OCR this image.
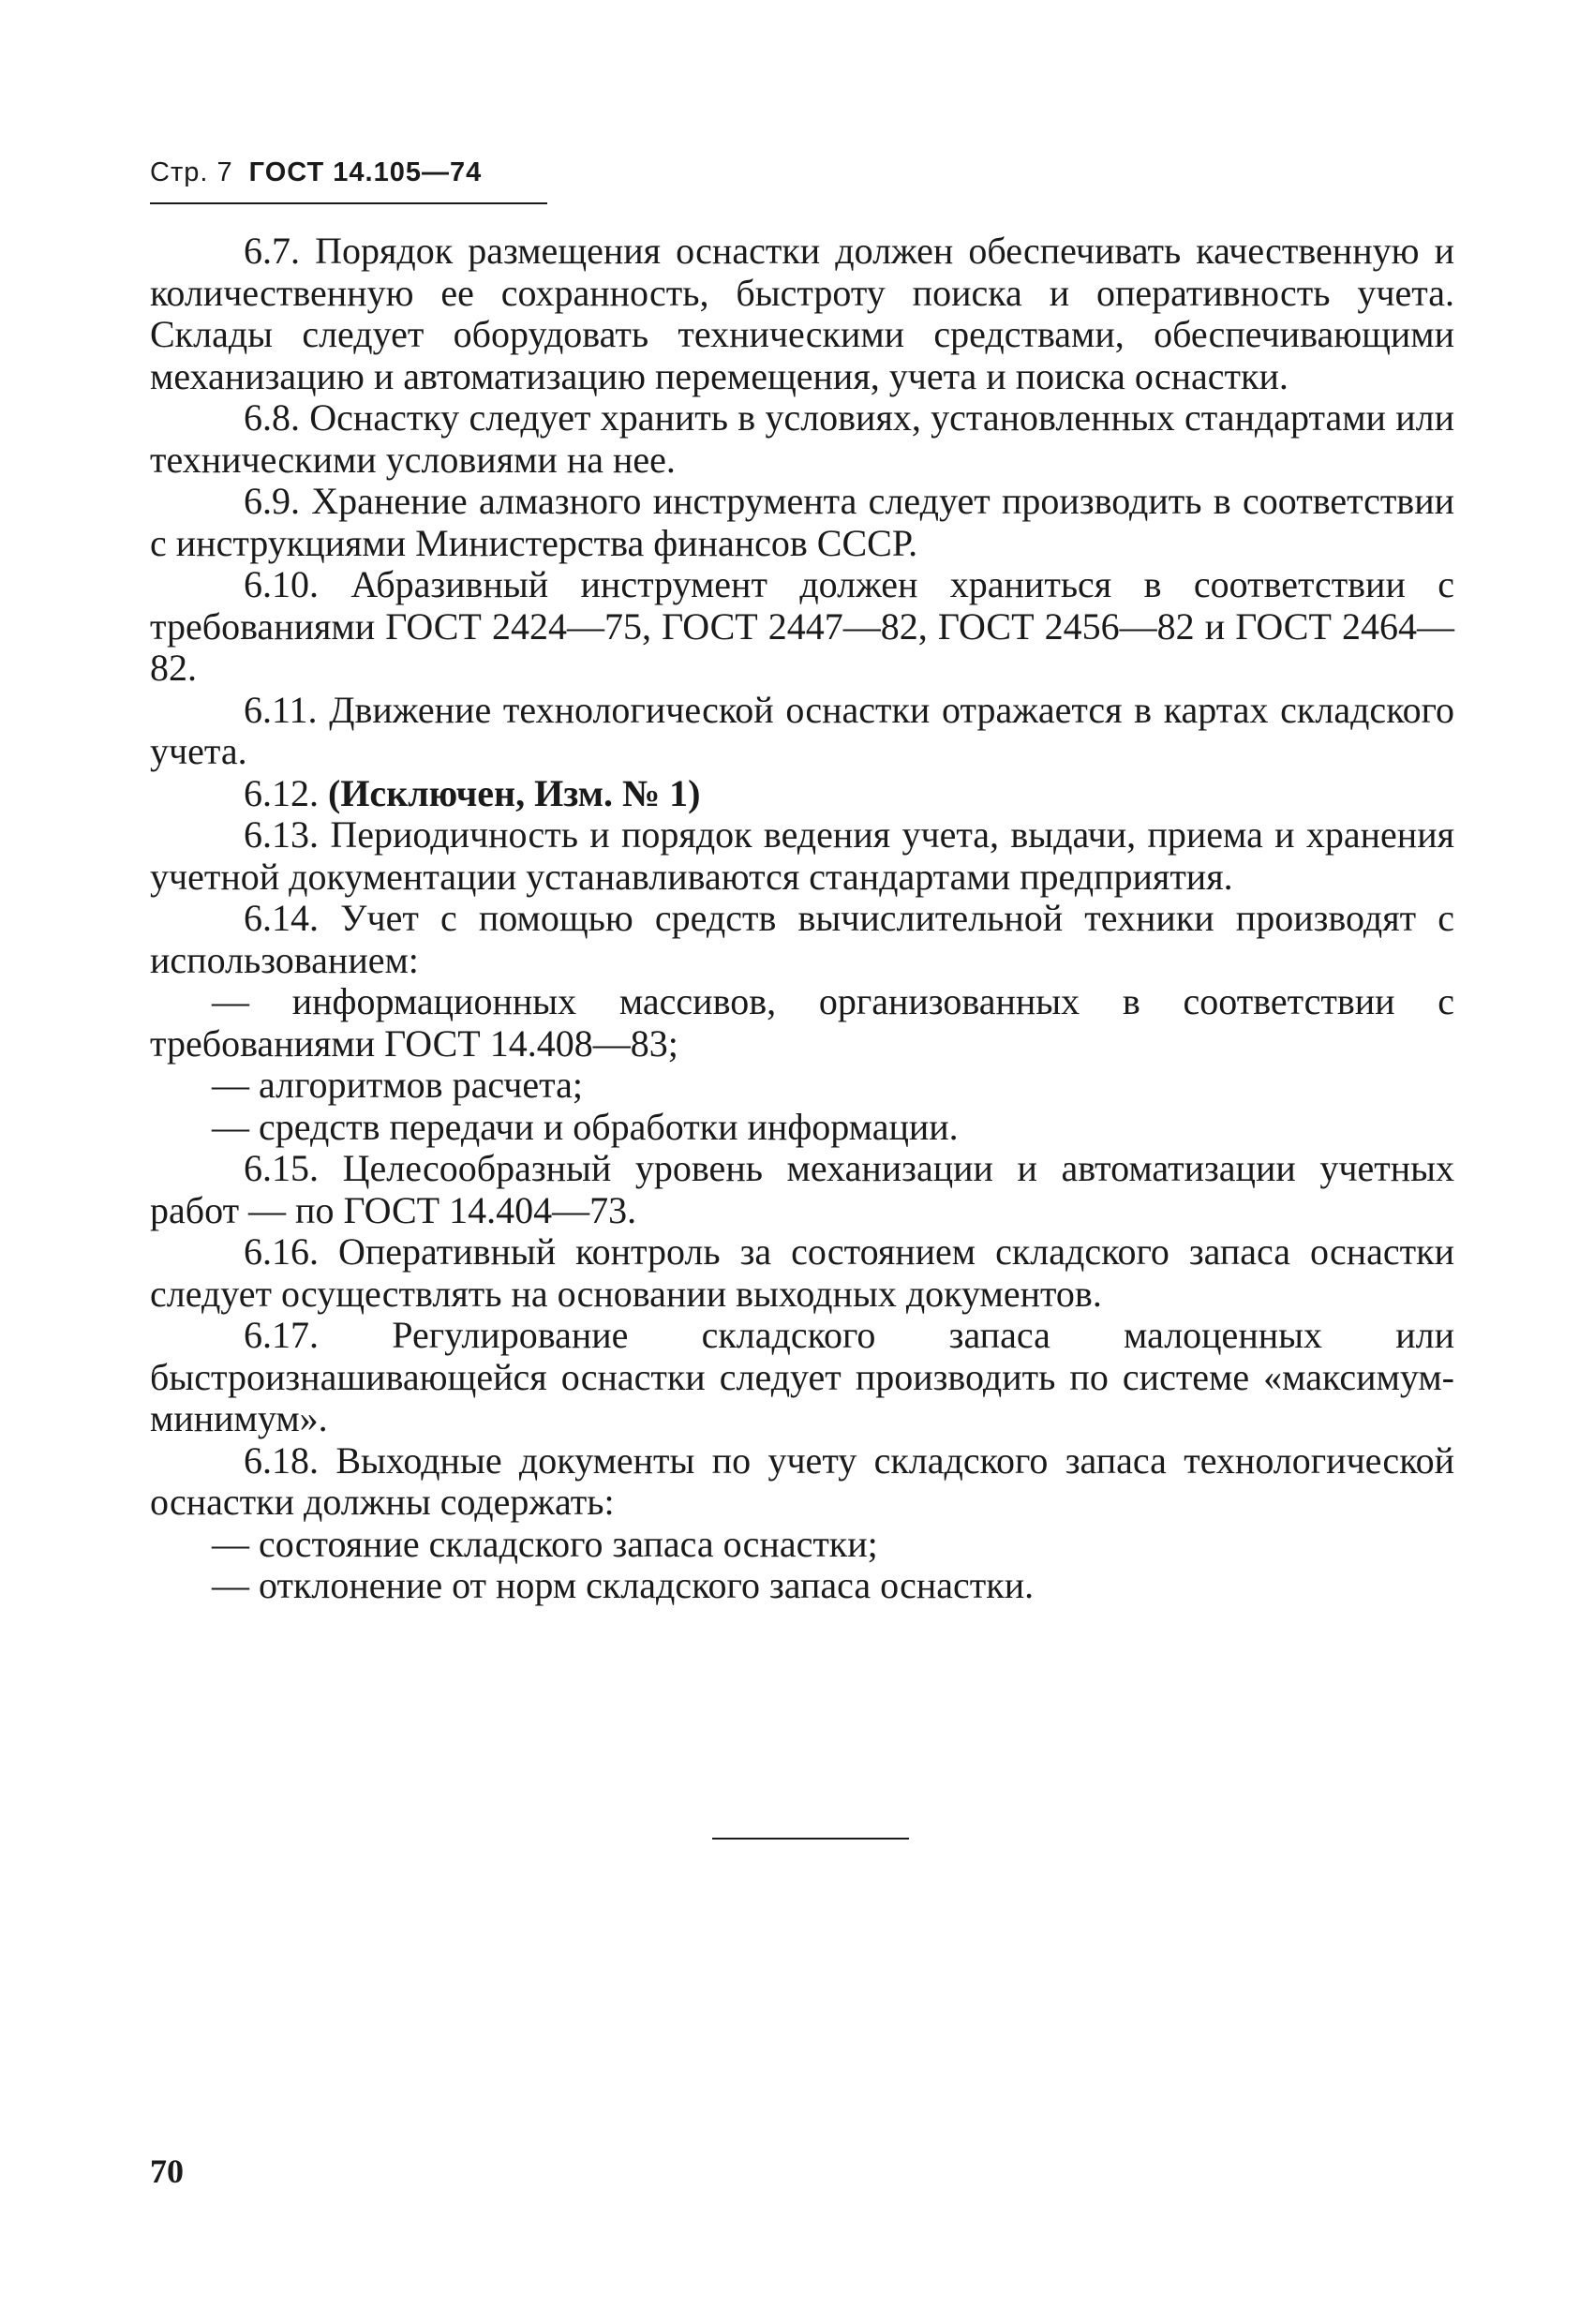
Стр. 7 ГОСТ 14.105—74

6.7. Порядок размещения оснастки должен обеспечивать качественную и количественную ее сохранность, быстроту поиска и оперативность учета. Склады следует оборудовать техническими средствами, обеспечивающими механизацию и автоматизацию перемещения, учета и поиска оснастки.

6.8. Оснастку следует хранить в условиях, установленных стандартами или техническими условиями на нее.

6.9. Хранение алмазного инструмента следует производить в соответствии с инструкциями Министерства финансов СССР.

6.10. Абразивный инструмент должен храниться в соответствии с требованиями ГОСТ 2424—75, ГОСТ 2447—82, ГОСТ 2456—82 и ГОСТ 2464—82.

6.11. Движение технологической оснастки отражается в картах складского учета.

6.12. (Исключен, Изм. № 1)

6.13. Периодичность и порядок ведения учета, выдачи, приема и хранения учетной документации устанавливаются стандартами предприятия.

6.14. Учет с помощью средств вычислительной техники производят с использованием:

— информационных массивов, организованных в соответствии с требованиями ГОСТ 14.408—83;

— алгоритмов расчета;

— средств передачи и обработки информации.

6.15. Целесообразный уровень механизации и автоматизации учетных работ — по ГОСТ 14.404—73.

6.16. Оперативный контроль за состоянием складского запаса оснастки следует осуществлять на основании выходных документов.

6.17. Регулирование складского запаса малоценных или быстроизнашивающейся оснастки следует производить по системе «максимум-минимум».

6.18. Выходные документы по учету складского запаса технологической оснастки должны содержать:

— состояние складского запаса оснастки;

— отклонение от норм складского запаса оснастки.

70
